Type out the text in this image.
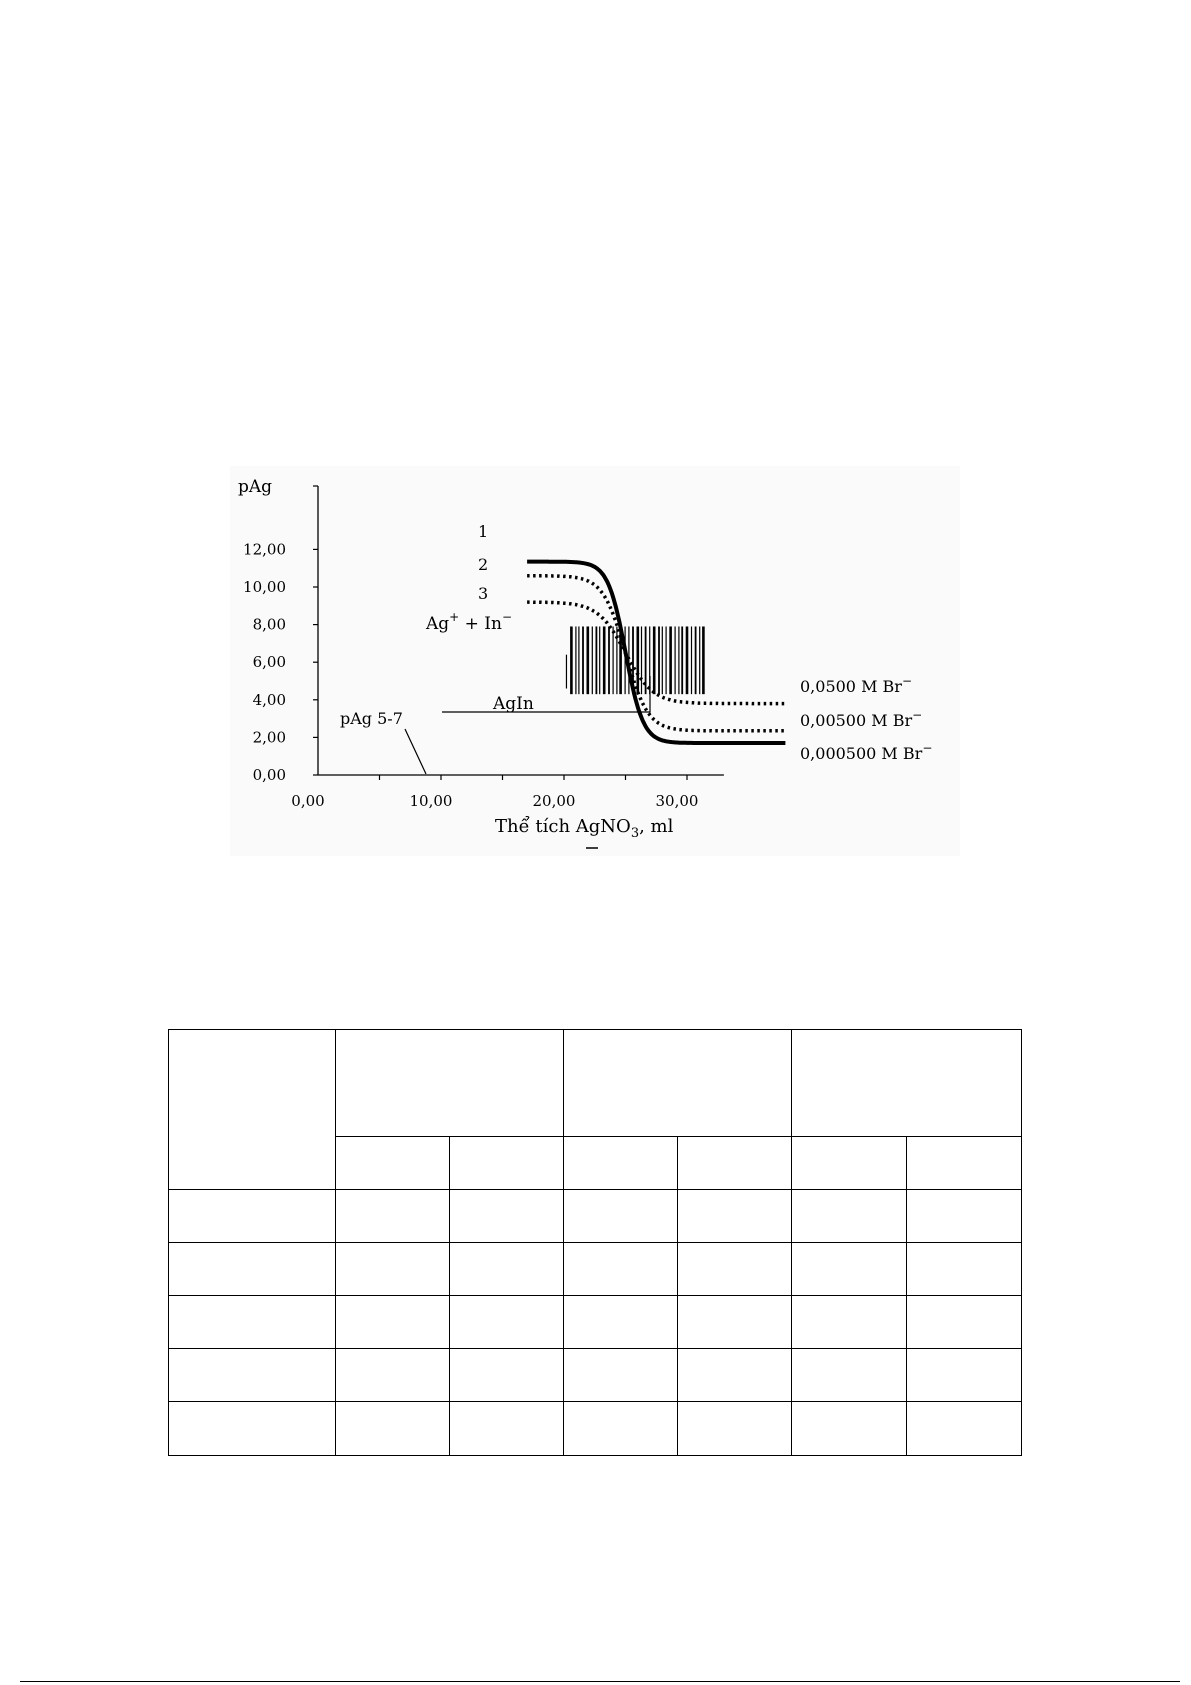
0,00
2,00
4,00
6,00
8,00
10,00
12,00
0,00	10,00	20,00	30,00
pAg
Thể tích AgNO$_3$, ml
1
2
3
Ag+ + In−
AgIn
pAg 5-7
0,0500 M Br−
0,00500 M Br−
0,000500 M Br−
